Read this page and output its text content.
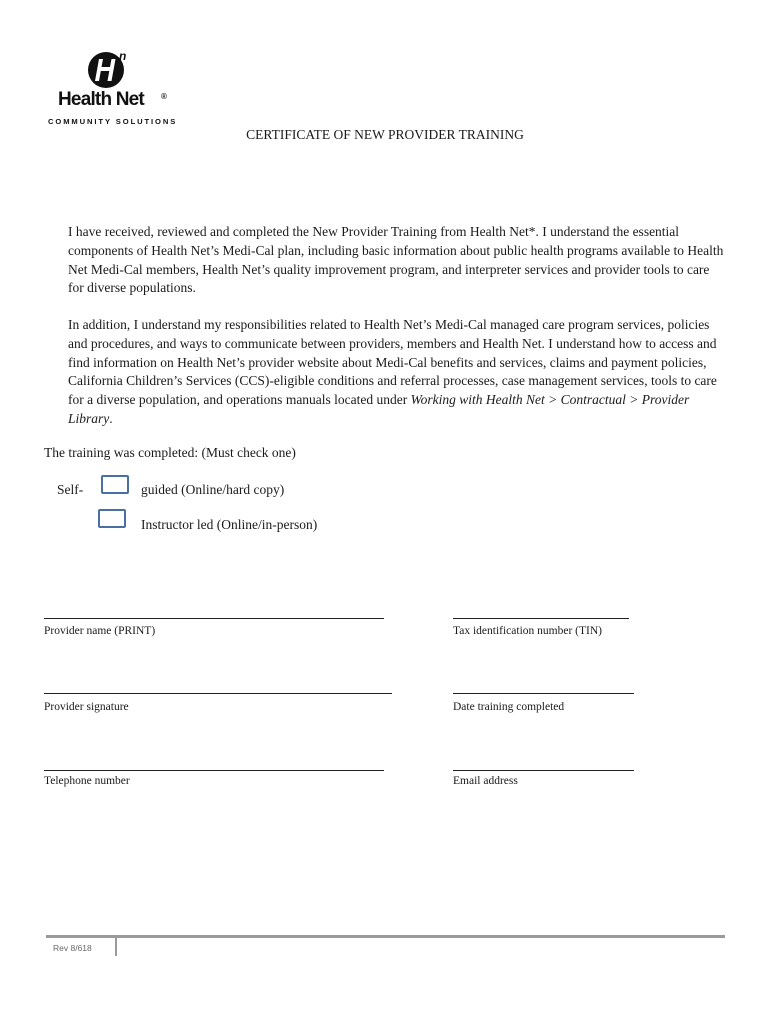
n
Health Net ®
COMMUNITY SOLUTIONS
CERTIFICATE OF NEW PROVIDER TRAINING
I have received, reviewed and completed the New Provider Training from Health Net*. I understand the essential components of Health Net’s Medi-Cal plan, including basic information about public health programs available to Health Net Medi-Cal members, Health Net’s quality improvement program, and interpreter services and provider tools to care for diverse populations.
In addition, I understand my responsibilities related to Health Net’s Medi-Cal managed care program services, policies and procedures, and ways to communicate between providers, members and Health Net. I understand how to access and find information on Health Net’s provider website about Medi-Cal benefits and services, claims and payment policies, California Children’s Services (CCS)-eligible conditions and referral processes, case management services, tools to care for a diverse population, and operations manuals located under Working with Health Net > Contractual > Provider Library.
The training was completed: (Must check one)
Self-	guided (Online/hard copy)
Instructor led (Online/in-person)
Provider name (PRINT)	Tax identification number (TIN)
Provider signature	Date training completed
Telephone number	Email address
Rev 8/618
